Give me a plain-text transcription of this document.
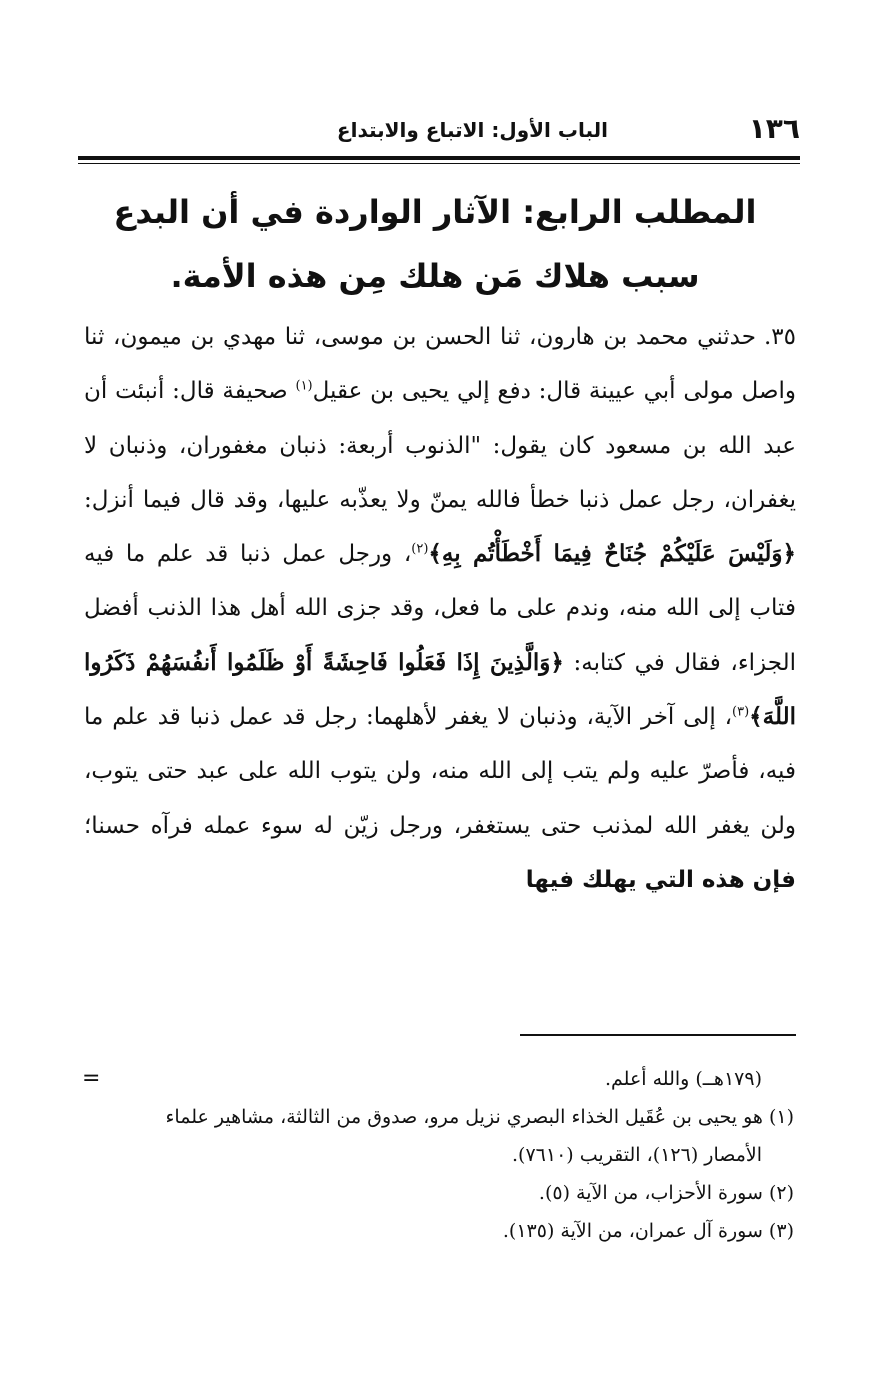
١٣٦
الباب الأول: الاتباع والابتداع
المطلب الرابع: الآثار الواردة في أن البدع سبب هلاك مَن هلك مِن هذه الأمة.
٣٥.حدثني محمد بن هارون، ثنا الحسن بن موسى، ثنا مهدي بن ميمون، ثنا واصل مولى أبي عيينة قال: دفع إلي يحيى بن عقيل$^{(١)}$ صحيفة قال: أنبئت أن عبد الله بن مسعود كان يقول: "الذنوب أربعة: ذنبان مغفوران، وذنبان لا يغفران، رجل عمل ذنبا خطأ فالله يمنّ ولا يعذّبه عليها، وقد قال فيما أنزل: ﴿وَلَيْسَ عَلَيْكُمْ جُنَاحٌ فِيمَا أَخْطَأْتُم بِهِ﴾$^{(٢)}$، ورجل عمل ذنبا قد علم ما فيه فتاب إلى الله منه، وندم على ما فعل، وقد جزى الله أهل هذا الذنب أفضل الجزاء، فقال في كتابه: ﴿وَالَّذِينَ إِذَا فَعَلُوا فَاحِشَةً أَوْ ظَلَمُوا أَنفُسَهُمْ ذَكَرُوا اللَّهَ﴾$^{(٣)}$، إلى آخر الآية، وذنبان لا يغفر لأهلهما: رجل قد عمل ذنبا قد علم ما فيه، فأصرّ عليه ولم يتب إلى الله منه، ولن يتوب الله على عبد حتى يتوب، ولن يغفر الله لمذنب حتى يستغفر، ورجل زيّن له سوء عمله فرآه حسنا؛ فإن هذه التي يهلك فيها
=	(١٧٩هــ) والله أعلم.
(١) هو يحيى بن عُقَيل الخذاء البصري نزيل مرو، صدوق من الثالثة، مشاهير علماء
الأمصار (١٢٦)، التقريب (٧٦١٠).
(٢) سورة الأحزاب، من الآية (٥).
(٣) سورة آل عمران، من الآية (١٣٥).
